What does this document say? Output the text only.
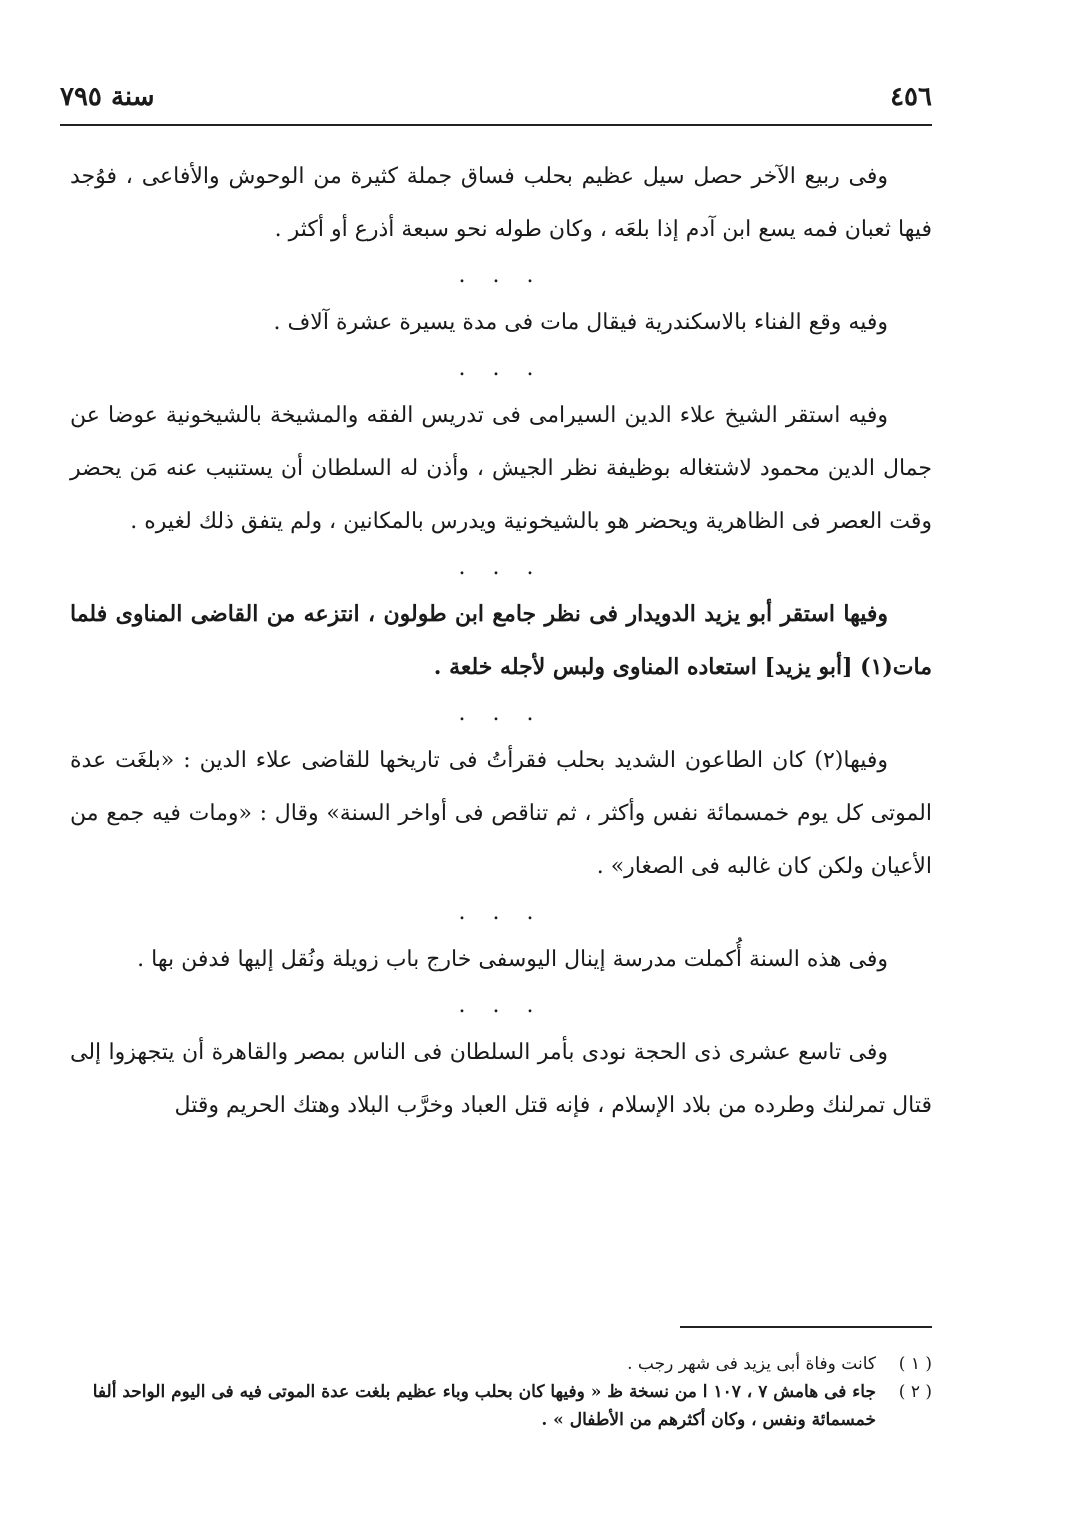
٤٥٦
سنة ٧٩٥

وفى ربيع الآخر حصل سيل عظيم بحلب فساق جملة كثيرة من الوحوش والأفاعى ، فوُجد فيها ثعبان فمه يسع ابن آدم إذا بلعَه ، وكان طوله نحو سبعة أذرع أو أكثر .

. . .

وفيه وقع الفناء بالاسكندرية فيقال مات فى مدة يسيرة عشرة آلاف .

. . .

وفيه استقر الشيخ علاء الدين السيرامى فى تدريس الفقه والمشيخة بالشيخونية عوضا عن جمال الدين محمود لاشتغاله بوظيفة نظر الجيش ، وأذن له السلطان أن يستنيب عنه مَن يحضر وقت العصر فى الظاهرية ويحضر هو بالشيخونية ويدرس بالمكانين ، ولم يتفق ذلك لغيره .

. . .

وفيها استقر أبو يزيد الدويدار فى نظر جامع ابن طولون ، انتزعه من القاضى المناوى فلما مات(١) [أبو يزيد] استعاده المناوى ولبس لأجله خلعة .

. . .

وفيها(٢) كان الطاعون الشديد بحلب فقرأتُ فى تاريخها للقاضى علاء الدين : «بلغَت عدة الموتى كل يوم خمسمائة نفس وأكثر ، ثم تناقص فى أواخر السنة» وقال : «ومات فيه جمع من الأعيان ولكن كان غالبه فى الصغار» .

. . .

وفى هذه السنة أُكملت مدرسة إينال اليوسفى خارج باب زويلة ونُقل إليها فدفن بها .

. . .

وفى تاسع عشرى ذى الحجة نودى بأمر السلطان فى الناس بمصر والقاهرة أن يتجهزوا إلى قتال تمرلنك وطرده من بلاد الإسلام ، فإنه قتل العباد وخرَّب البلاد وهتك الحريم وقتل

( ١ )
كانت وفاة أبى يزيد فى شهر رجب .

( ٢ )
جاء فى هامش ٧ ، ١٠٧ ا من نسخة ظ « وفيها كان بحلب وباء عظيم بلغت عدة الموتى فيه فى اليوم الواحد ألفا خمسمائة ونفس ، وكان أكثرهم من الأطفال » .
